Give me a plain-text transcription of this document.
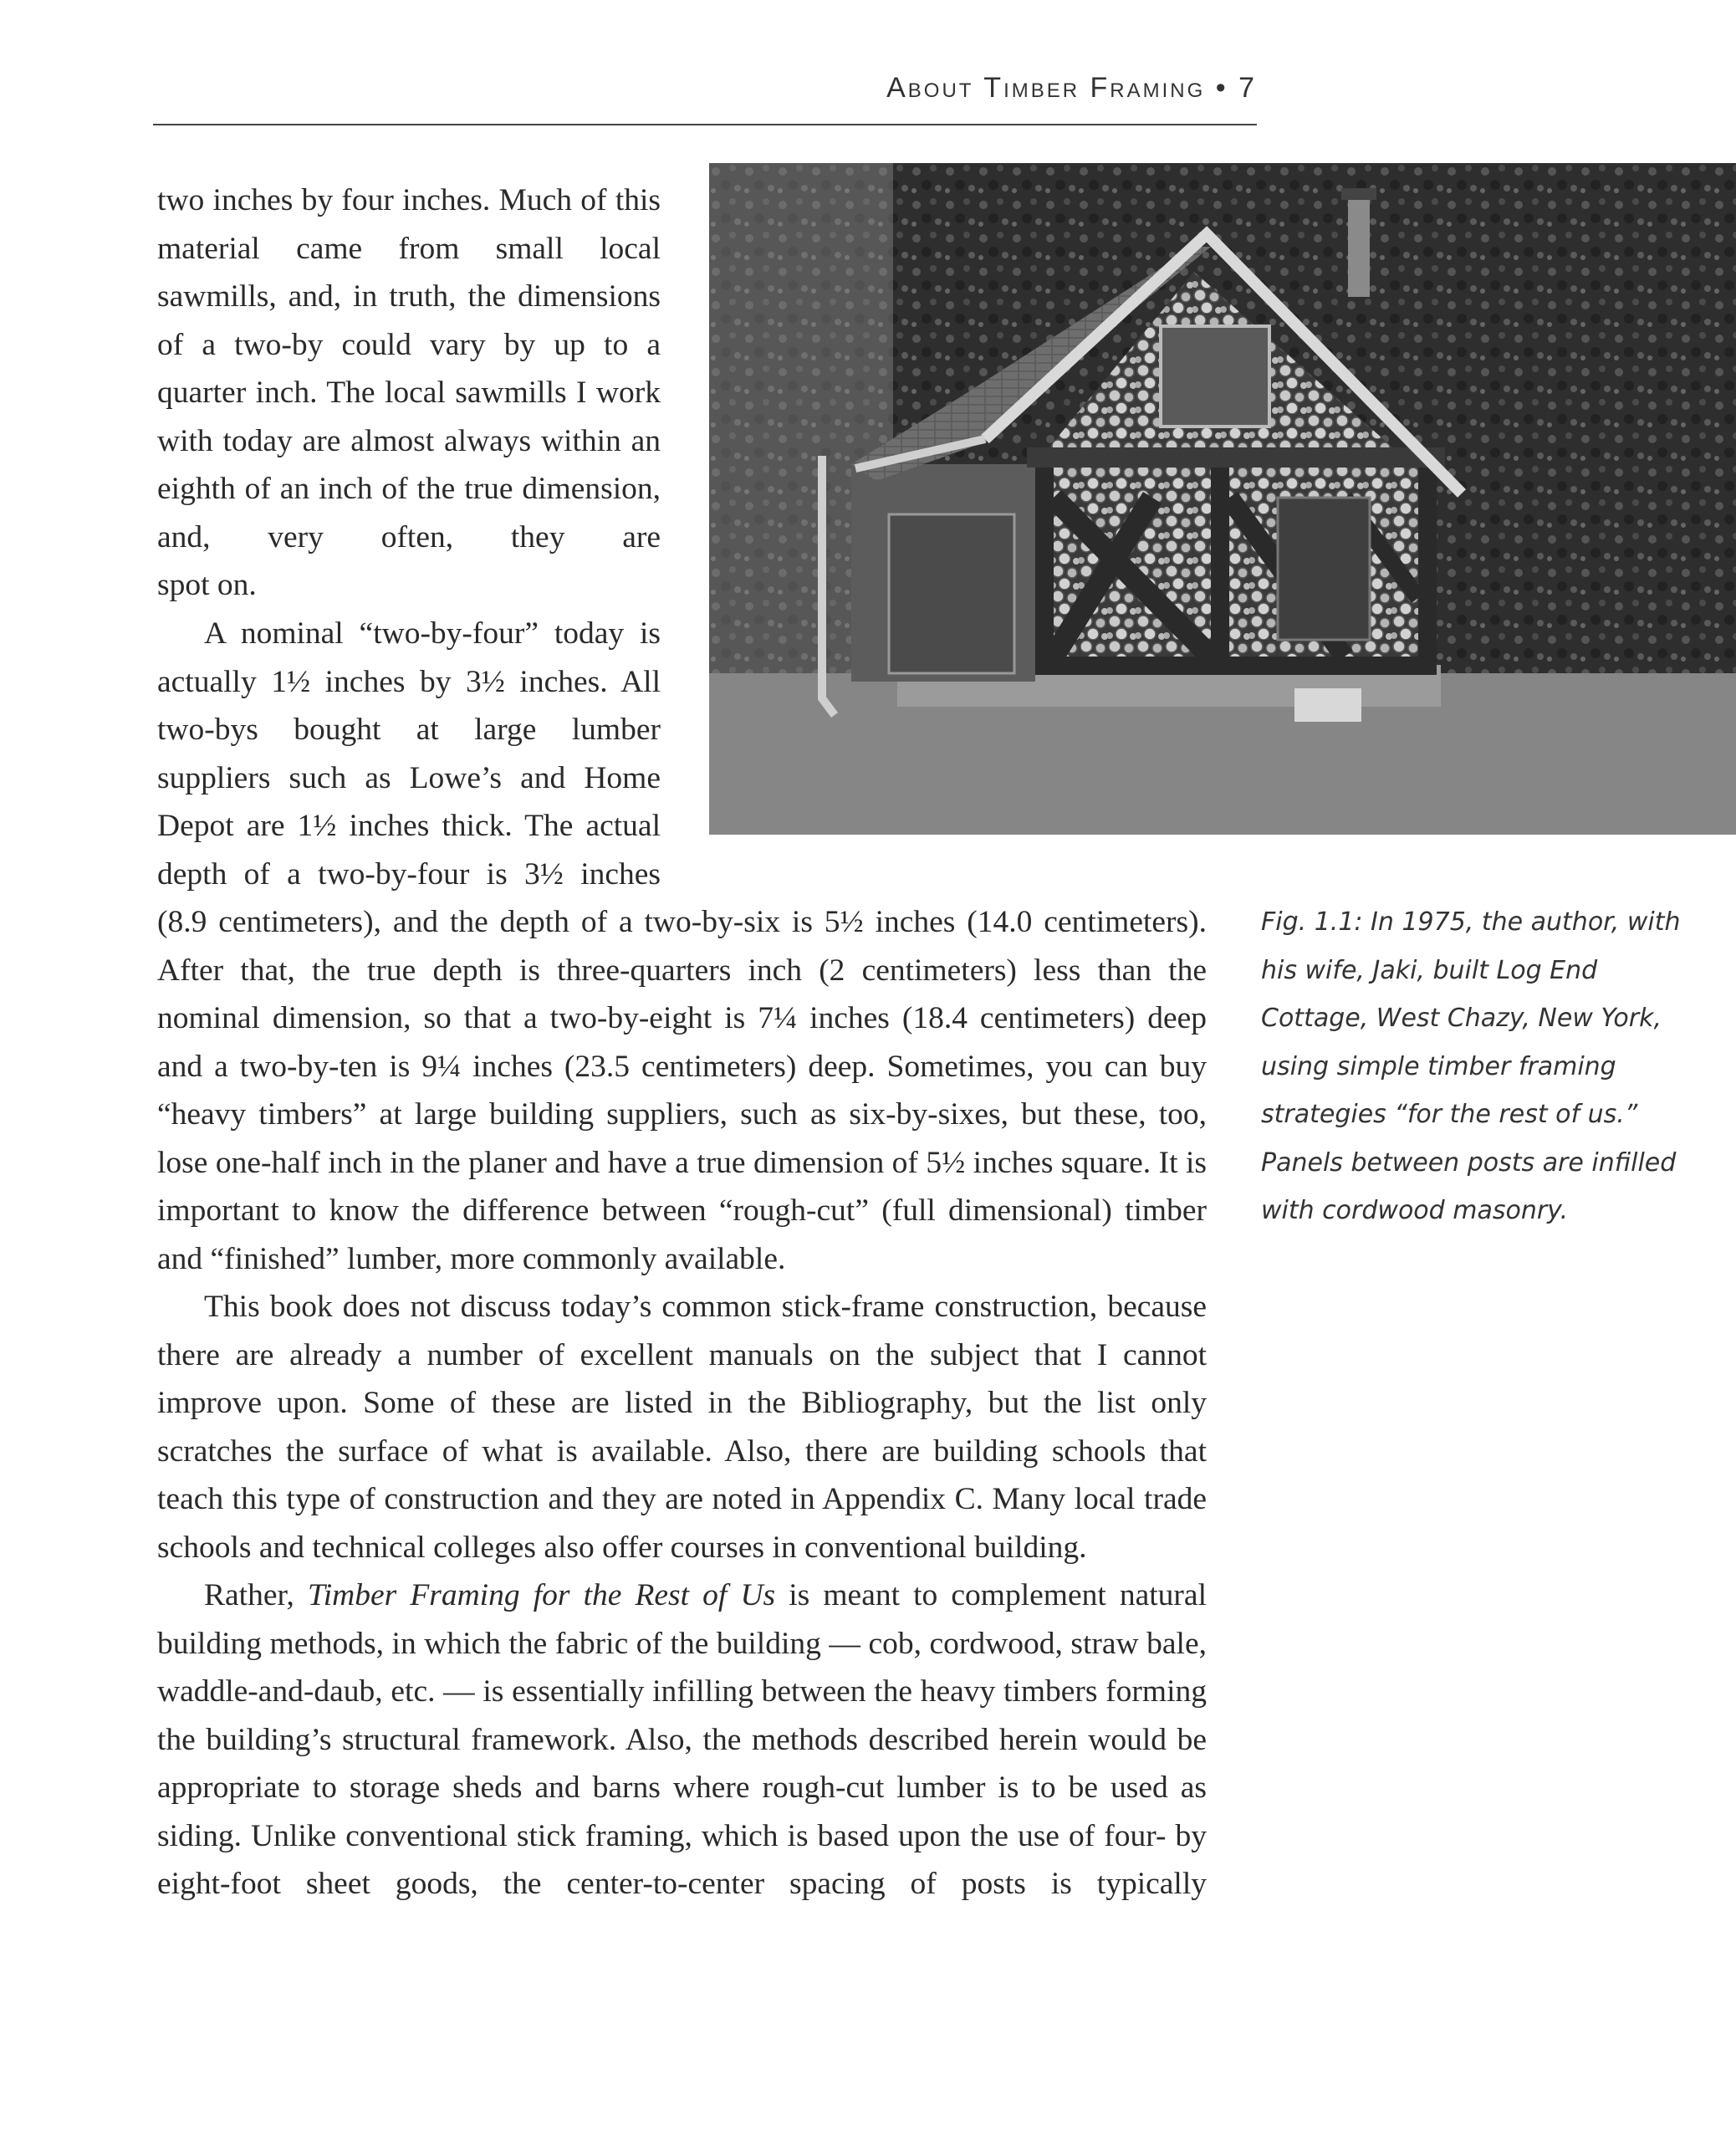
About Timber Framing • 7

two inches by four inches. Much of this material came from small local sawmills, and, in truth, the dimensions of a two-by could vary by up to a quarter inch. The local sawmills I work with today are almost always within an eighth of an inch of the true dimension, and, very often, they are

spot on.

A nominal “two-by-four” today is actually 1½ inches by 3½ inches. All two-bys bought at large lumber suppliers such as Lowe’s and Home Depot are 1½ inches thick. The actual depth of a two-by-four is 3½ inches

(8.9 centimeters), and the depth of a two-by-six is 5½ inches (14.0 centimeters). After that, the true depth is three-quarters inch (2 centimeters) less than the nominal dimension, so that a two-by-eight is 7¼ inches (18.4 centimeters) deep and a two-by-ten is 9¼ inches (23.5 centimeters) deep. Sometimes, you can buy “heavy timbers” at large building suppliers, such as six-by-sixes, but these, too, lose one-half inch in the planer and have a true dimension of 5½ inches square. It is important to know the difference between “rough-cut” (full dimensional) timber and “finished” lumber, more commonly available.

This book does not discuss today’s common stick-frame construction, because there are already a number of excellent manuals on the subject that I cannot improve upon. Some of these are listed in the Bibliography, but the list only scratches the surface of what is available. Also, there are building schools that teach this type of construction and they are noted in Appendix C. Many local trade schools and technical colleges also offer courses in conventional building.

Rather, Timber Framing for the Rest of Us is meant to complement natural building methods, in which the fabric of the building — cob, cordwood, straw bale, waddle-and-daub, etc. — is essentially infilling between the heavy timbers forming the building’s structural framework. Also, the methods described herein would be appropriate to storage sheds and barns where rough-cut lumber is to be used as siding. Unlike conventional stick framing, which is based upon the use of four- by eight-foot sheet goods, the center-to-center spacing of posts is typically

Fig. 1.1: In 1975, the author, with
his wife, Jaki, built Log End
Cottage, West Chazy, New York,
using simple timber framing
strategies “for the rest of us.”
Panels between posts are infilled
with cordwood masonry.
